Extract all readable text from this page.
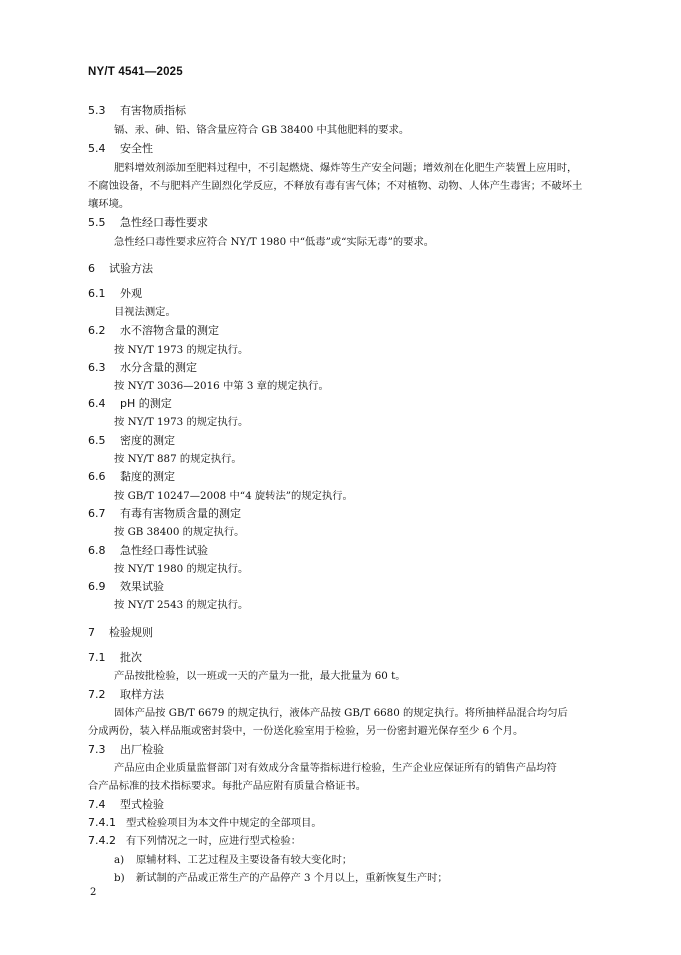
NY/T 4541—2025
5.3 有害物质指标
镉、汞、砷、铅、铬含量应符合 GB 38400 中其他肥料的要求。
5.4 安全性
肥料增效剂添加至肥料过程中，不引起燃烧、爆炸等生产安全问题；增效剂在化肥生产装置上应用时，
不腐蚀设备，不与肥料产生剧烈化学反应，不释放有毒有害气体；不对植物、动物、人体产生毒害；不破坏土
壤环境。
5.5 急性经口毒性要求
急性经口毒性要求应符合 NY/T 1980 中“低毒”或“实际无毒”的要求。
6 试验方法
6.1 外观
目视法测定。
6.2 水不溶物含量的测定
按 NY/T 1973 的规定执行。
6.3 水分含量的测定
按 NY/T 3036—2016 中第 3 章的规定执行。
6.4 pH 的测定
按 NY/T 1973 的规定执行。
6.5 密度的测定
按 NY/T 887 的规定执行。
6.6 黏度的测定
按 GB/T 10247—2008 中“4 旋转法”的规定执行。
6.7 有毒有害物质含量的测定
按 GB 38400 的规定执行。
6.8 急性经口毒性试验
按 NY/T 1980 的规定执行。
6.9 效果试验
按 NY/T 2543 的规定执行。
7 检验规则
7.1 批次
产品按批检验，以一班或一天的产量为一批，最大批量为 60 t。
7.2 取样方法
固体产品按 GB/T 6679 的规定执行，液体产品按 GB/T 6680 的规定执行。将所抽样品混合均匀后
分成两份，装入样品瓶或密封袋中，一份送化验室用于检验，另一份密封避光保存至少 6 个月。
7.3 出厂检验
产品应由企业质量监督部门对有效成分含量等指标进行检验，生产企业应保证所有的销售产品均符
合产品标准的技术指标要求。每批产品应附有质量合格证书。
7.4 型式检验
7.4.1 型式检验项目为本文件中规定的全部项目。
7.4.2 有下列情况之一时，应进行型式检验：
a) 原辅材料、工艺过程及主要设备有较大变化时；
b) 新试制的产品或正常生产的产品停产 3 个月以上，重新恢复生产时；
2
